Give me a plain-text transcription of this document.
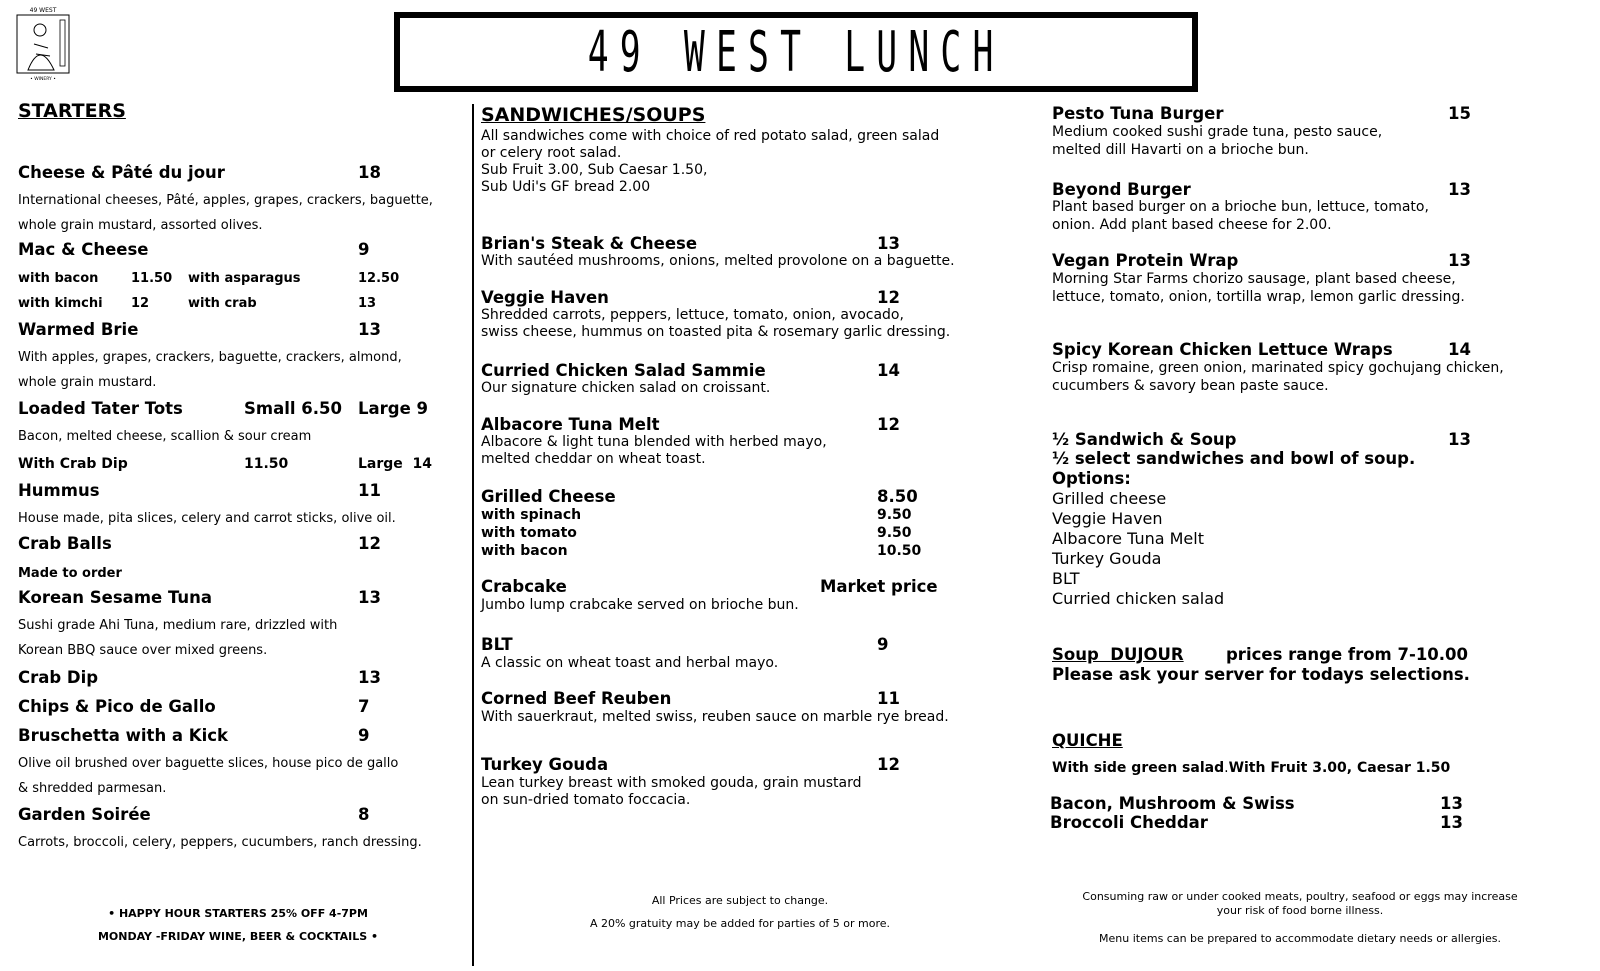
49 WEST
• WINERY •	49 WEST LUNCH
STARTERS
Cheese & Pâté du jour	18
International cheeses, Pâté, apples, grapes, crackers, baguette,
whole grain mustard, assorted olives.
Mac & Cheese	9
with bacon	11.50 with asparagus	12.50
with kimchi 12	with crab	13
Warmed Brie	13
With apples, grapes, crackers, baguette, crackers, almond,
whole grain mustard.
Loaded Tater Tots	Small 6.50 Large 9
Bacon, melted cheese, scallion & sour cream
With Crab Dip	11.50	Large  14
Hummus	11
House made, pita slices, celery and carrot sticks, olive oil.
Crab Balls	12
Made to order
Korean Sesame Tuna	13
Sushi grade Ahi Tuna, medium rare, drizzled with
Korean BBQ sauce over mixed greens.
Crab Dip	13
Chips & Pico de Gallo	7
Bruschetta with a Kick	9
Olive oil brushed over baguette slices, house pico de gallo
& shredded parmesan.
Garden Soirée	8
Carrots, broccoli, celery, peppers, cucumbers, ranch dressing.
• HAPPY HOUR STARTERS 25% OFF 4-7PM
MONDAY -FRIDAY WINE, BEER & COCKTAILS •
SANDWICHES/SOUPS
All sandwiches come with choice of red potato salad, green salad
or celery root salad.
Sub Fruit 3.00, Sub Caesar 1.50,
Sub Udi's GF bread 2.00
Brian's Steak & Cheese	13
With sautéed mushrooms, onions, melted provolone on a baguette.
Veggie Haven	12
Shredded carrots, peppers, lettuce, tomato, onion, avocado,
swiss cheese, hummus on toasted pita & rosemary garlic dressing.
Curried Chicken Salad Sammie	14
Our signature chicken salad on croissant.
Albacore Tuna Melt	12
Albacore & light tuna blended with herbed mayo,
melted cheddar on wheat toast.
Grilled Cheese	8.50
with spinach	9.50
with tomato	9.50
with bacon	10.50
Crabcake	Market price
Jumbo lump crabcake served on brioche bun.
BLT	9
A classic on wheat toast and herbal mayo.
Corned Beef Reuben	11
With sauerkraut, melted swiss, reuben sauce on marble rye bread.
Turkey Gouda	12
Lean turkey breast with smoked gouda, grain mustard
on sun-dried tomato foccacia.
All Prices are subject to change.
A 20% gratuity may be added for parties of 5 or more.
Pesto Tuna Burger	15
Medium cooked sushi grade tuna, pesto sauce,
melted dill Havarti on a brioche bun.
Beyond Burger	13
Plant based burger on a brioche bun, lettuce, tomato,
onion. Add plant based cheese for 2.00.
Vegan Protein Wrap	13
Morning Star Farms chorizo sausage, plant based cheese,
lettuce, tomato, onion, tortilla wrap, lemon garlic dressing.
Spicy Korean Chicken Lettuce Wraps	14
Crisp romaine, green onion, marinated spicy gochujang chicken,
cucumbers & savory bean paste sauce.
½ Sandwich & Soup	13
½ select sandwiches and bowl of soup.
Options:
Grilled cheese
Veggie Haven
Albacore Tuna Melt
Turkey Gouda
BLT
Curried chicken salad
Soup  DUJOUR	prices range from 7-10.00
Please ask your server for todays selections.
QUICHE
With side green salad.With Fruit 3.00, Caesar 1.50
Bacon, Mushroom & Swiss	13
Broccoli Cheddar	13
Consuming raw or under cooked meats, poultry, seafood or eggs may increase
your risk of food borne illness.
Menu items can be prepared to accommodate dietary needs or allergies.
